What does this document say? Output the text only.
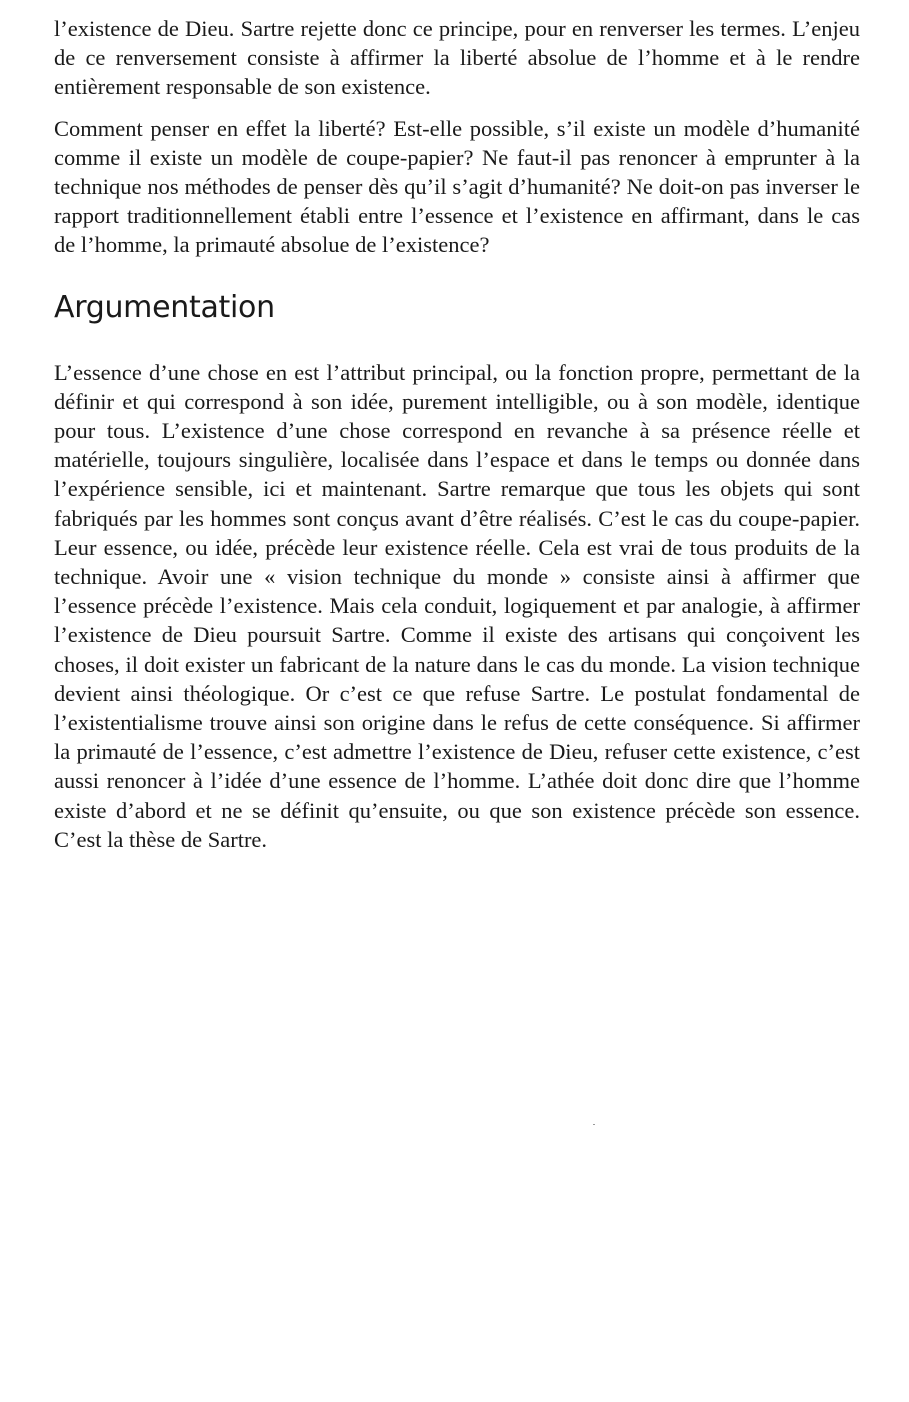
l’existence de Dieu. Sartre rejette donc ce principe, pour en renverser les termes. L’enjeu de ce renversement consiste à affirmer la liberté absolue de l’homme et à le rendre entièrement responsable de son existence.

Comment penser en effet la liberté? Est-elle possible, s’il existe un modèle d’humanité comme il existe un modèle de coupe-papier? Ne faut-il pas renoncer à emprunter à la technique nos méthodes de penser dès qu’il s’agit d’humanité? Ne doit-on pas inverser le rapport traditionnellement établi entre l’essence et l’existence en affirmant, dans le cas de l’homme, la primauté absolue de l’existence?

Argumentation

L’essence d’une chose en est l’attribut principal, ou la fonction propre, permettant de la définir et qui correspond à son idée, purement intelligible, ou à son modèle, identique pour tous. L’existence d’une chose correspond en revanche à sa présence réelle et matérielle, toujours singulière, localisée dans l’espace et dans le temps ou donnée dans l’expérience sensible, ici et maintenant. Sartre remarque que tous les objets qui sont fabriqués par les hommes sont conçus avant d’être réalisés. C’est le cas du coupe-papier. Leur essence, ou idée, précède leur existence réelle. Cela est vrai de tous produits de la technique. Avoir une « vision technique du monde » consiste ainsi à affirmer que l’essence précède l’existence. Mais cela conduit, logiquement et par analogie, à affirmer l’existence de Dieu poursuit Sartre. Comme il existe des artisans qui conçoivent les choses, il doit exister un fabricant de la nature dans le cas du monde. La vision technique devient ainsi théologique. Or c’est ce que refuse Sartre. Le postulat fondamental de l’existentialisme trouve ainsi son origine dans le refus de cette conséquence. Si affirmer la primauté de l’essence, c’est admettre l’existence de Dieu, refuser cette existence, c’est aussi renoncer à l’idée d’une essence de l’homme. L’athée doit donc dire que l’homme existe d’abord et ne se définit qu’ensuite, ou que son existence précède son essence. C’est la thèse de Sartre.
